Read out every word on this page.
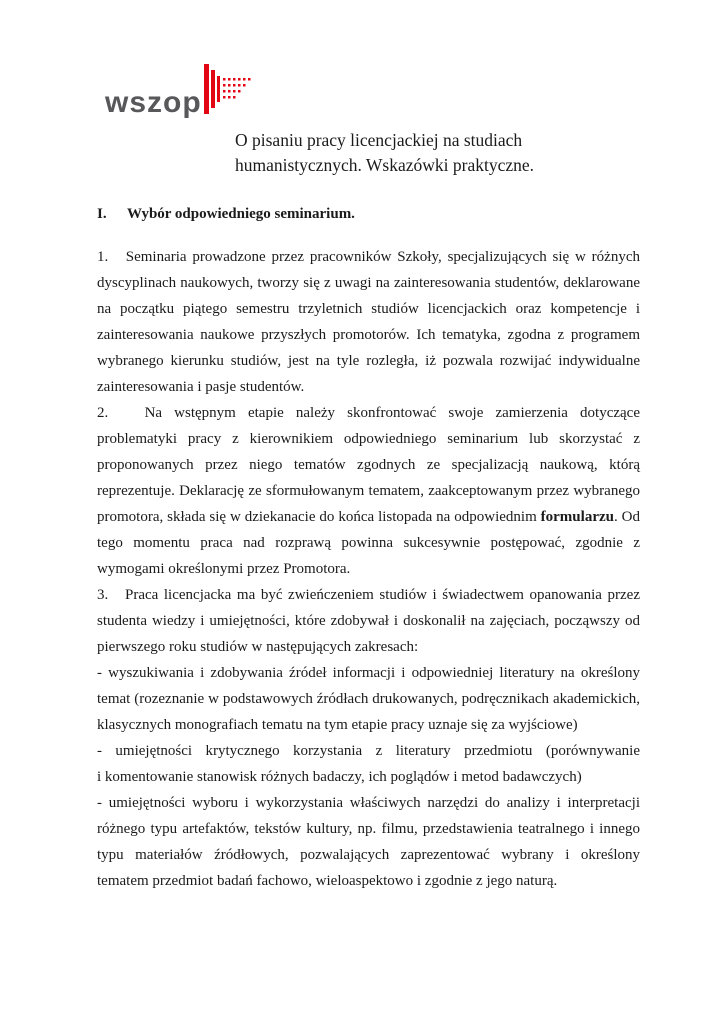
wszop
O pisaniu pracy licencjackiej na studiach
humanistycznych. Wskazówki praktyczne.
I. Wybór odpowiedniego seminarium.

1.   Seminaria prowadzone przez pracowników Szkoły, specjalizujących się w różnych dyscyplinach naukowych, tworzy się z uwagi na zainteresowania studentów, deklarowane na początku piątego semestru trzyletnich studiów licencjackich oraz kompetencje i zainteresowania naukowe przyszłych promotorów. Ich tematyka, zgodna z programem wybranego kierunku studiów, jest na tyle rozległa, iż pozwala rozwijać indywidualne zainteresowania i pasje studentów.

2.   Na wstępnym etapie należy skonfrontować swoje zamierzenia dotyczące problematyki pracy z kierownikiem odpowiedniego seminarium lub skorzystać z proponowanych przez niego tematów zgodnych ze specjalizacją naukową, którą reprezentuje. Deklarację ze sformułowanym tematem, zaakceptowanym przez wybranego promotora, składa się w dziekanacie do końca listopada na odpowiednim formularzu. Od tego momentu praca nad rozprawą powinna sukcesywnie postępować, zgodnie z wymogami określonymi przez Promotora.

3.   Praca licencjacka ma być zwieńczeniem studiów i świadectwem opanowania przez studenta wiedzy i umiejętności, które zdobywał i doskonalił na zajęciach, począwszy od pierwszego roku studiów w następujących zakresach:

- wyszukiwania i zdobywania źródeł informacji i odpowiedniej literatury na określony temat (rozeznanie w podstawowych źródłach drukowanych, podręcznikach akademickich, klasycznych monografiach tematu na tym etapie pracy uznaje się za wyjściowe)

- umiejętności krytycznego korzystania z literatury przedmiotu (porównywanie i komentowanie stanowisk różnych badaczy, ich poglądów i metod badawczych)

- umiejętności wyboru i wykorzystania właściwych narzędzi do analizy i interpretacji różnego typu artefaktów, tekstów kultury, np. filmu, przedstawienia teatralnego i innego typu materiałów źródłowych, pozwalających zaprezentować wybrany i określony tematem przedmiot badań fachowo, wieloaspektowo i zgodnie z jego naturą.
